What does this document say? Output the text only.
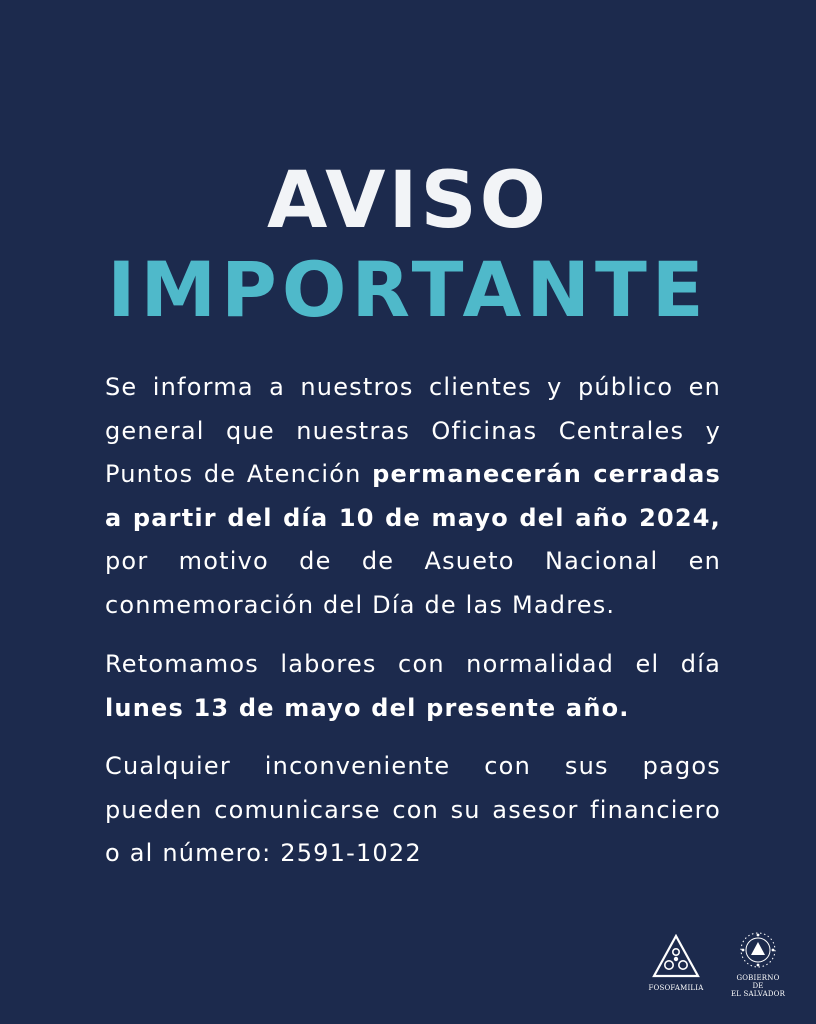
AVISO
IMPORTANTE

Se informa a nuestros clientes y público en general que nuestras Oficinas Centrales y Puntos de Atención permanecerán cerradas a partir del día 10 de mayo del año 2024, por motivo de de Asueto Nacional en conmemoración del Día de las Madres.

Retomamos labores con normalidad el día lunes 13 de mayo del presente año.

Cualquier inconveniente con sus pagos pueden comunicarse con su asesor financiero o al número: 2591-1022

FOSOFAMILIA
GOBIERNO DE
EL SALVADOR
